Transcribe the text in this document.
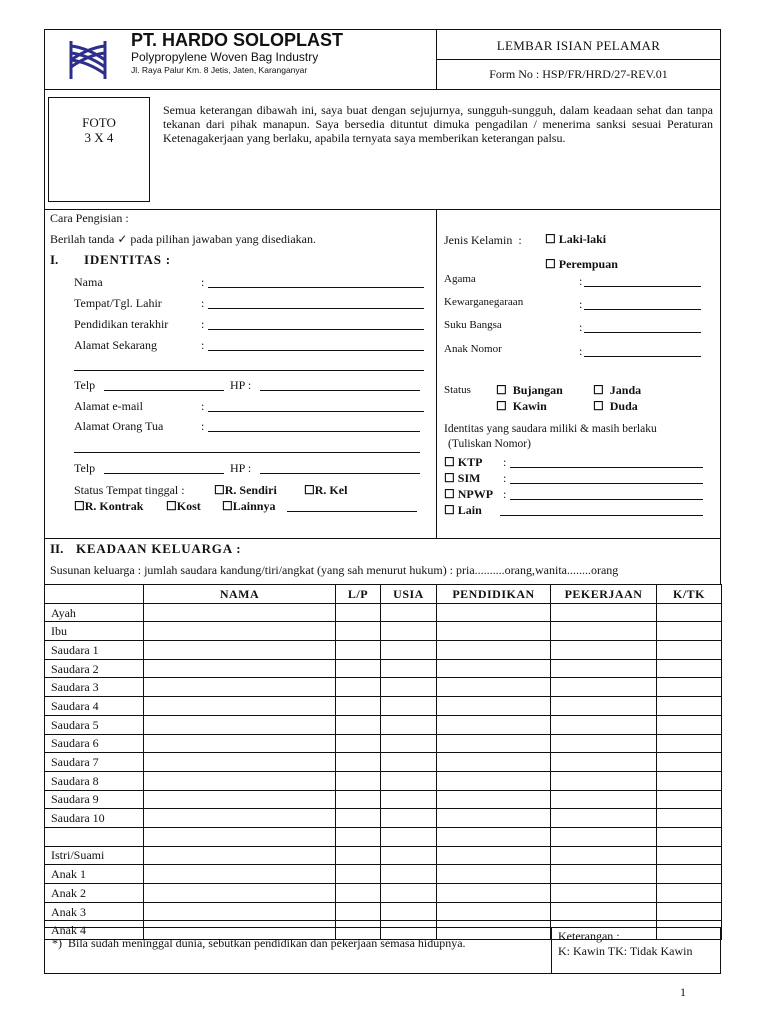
PT. HARDO SOLOPLAST
Polypropylene Woven Bag Industry
Jl. Raya Palur Km. 8 Jetis, Jaten, Karanganyar
LEMBAR ISIAN PELAMAR
Form No : HSP/FR/HRD/27-REV.01
FOTO
3 X 4
Semua keterangan dibawah ini, saya buat dengan sejujurnya, sungguh-sungguh, dalam keadaan sehat dan tanpa tekanan dari pihak manapun. Saya bersedia dituntut dimuka pengadilan / menerima sanksi sesuai Peraturan Ketenagakerjaan yang berlaku, apabila ternyata saya memberikan keterangan palsu.
Cara Pengisian :
Berilah tanda ✓ pada pilihan jawaban yang disediakan.
I. IDENTITAS :
Nama	:
Tempat/Tgl. Lahir	:
Pendidikan terakhir	:
Alamat Sekarang	:
Telp	HP :
Alamat e-mail	:
Alamat Orang Tua	:
Telp	HP :
Status Tempat tinggal : ☐R. Sendiri ☐R. Kel
☐R. Kontrak ☐Kost ☐Lainnya
Jenis Kelamin : ☐ Laki-laki
☐ Perempuan
Agama	:
Kewarganegaraan	:
Suku Bangsa	:
Anak Nomor	:
Status ☐ Bujangan	☐ Janda
☐ Kawin	☐ Duda
Identitas yang saudara miliki & masih berlaku
(Tuliskan Nomor)
☐ KTP :
☐ SIM :
☐ NPWP :
☐ Lain
II. KEADAAN KELUARGA :
Susunan keluarga : jumlah saudara kandung/tiri/angkat (yang sah menurut hukum) : pria..........orang,wanita........orang
	NAMA	L/P	USIA	PENDIDIKAN	PEKERJAAN	K/TK
Ayah						
Ibu						
Saudara 1						
Saudara 2						
Saudara 3						
Saudara 4						
Saudara 5						
Saudara 6						
Saudara 7						
Saudara 8						
Saudara 9						
Saudara 10						

Istri/Suami						
Anak 1						
Anak 2						
Anak 3						
Anak 4						
*) Bila sudah meninggal dunia, sebutkan pendidikan dan pekerjaan semasa hidupnya.	Keterangan :
K: Kawin TK: Tidak Kawin
1
